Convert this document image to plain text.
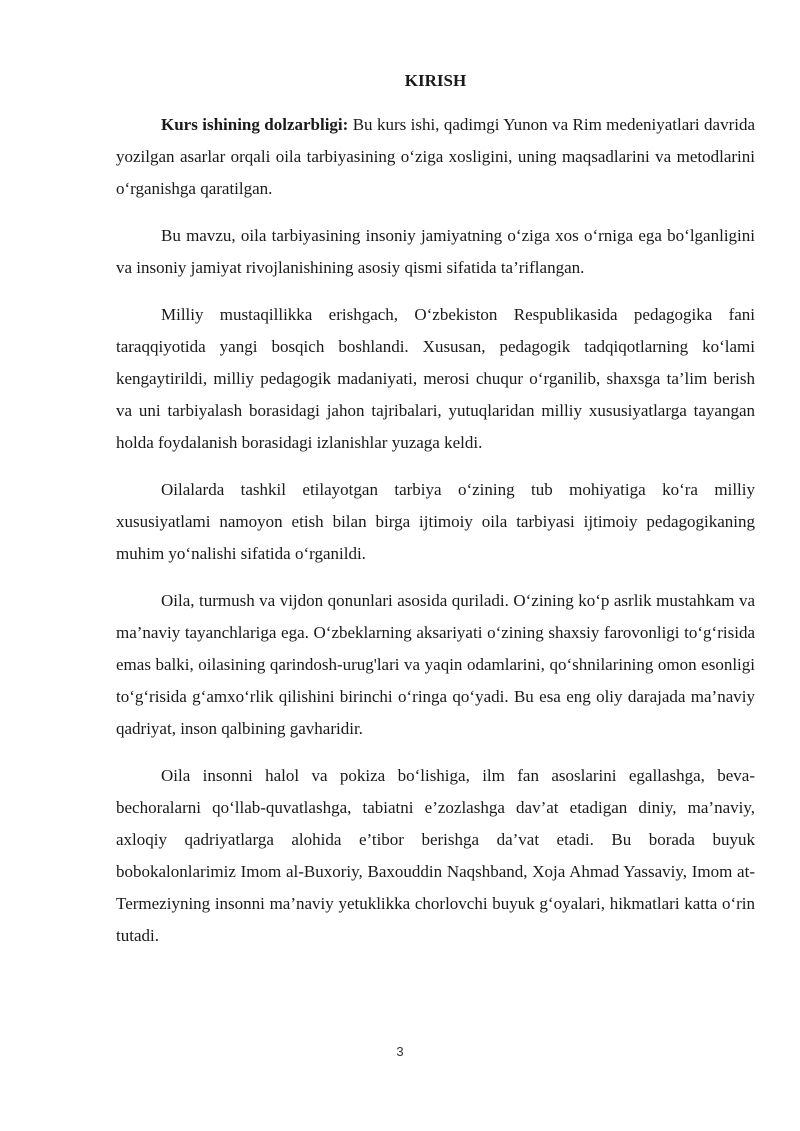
KIRISH

Kurs ishining dolzarbligi: Bu kurs ishi, qadimgi Yunon va Rim medeniyatlari davrida yozilgan asarlar orqali oila tarbiyasining o‘ziga xosligini, uning maqsadlarini va metodlarini o‘rganishga qaratilgan.

Bu mavzu, oila tarbiyasining insoniy jamiyatning o‘ziga xos o‘rniga ega bo‘lganligini va insoniy jamiyat rivojlanishining asosiy qismi sifatida ta’riflangan.

Milliy mustaqillikka erishgach, O‘zbekiston Respublikasida pedagogika fani taraqqiyotida yangi bosqich boshlandi. Xususan, pedagogik tadqiqotlarning ko‘lami kengaytirildi, milliy pedagogik madaniyati, merosi chuqur o‘rganilib, shaxsga ta’lim berish va uni tarbiyalash borasidagi jahon tajribalari, yutuqlaridan milliy xususiyatlarga tayangan holda foydalanish borasidagi izlanishlar yuzaga keldi.

Oilalarda tashkil etilayotgan tarbiya o‘zining tub mohiyatiga ko‘ra milliy xususiyatlami namoyon etish bilan birga ijtimoiy oila tarbiyasi ijtimoiy pedagogikaning muhim yo‘nalishi sifatida o‘rganildi.

Oila, turmush va vijdon qonunlari asosida quriladi. O‘zining ko‘p asrlik mustahkam va ma’naviy tayanchlariga ega. O‘zbeklarning aksariyati o‘zining shaxsiy farovonligi to‘g‘risida emas balki, oilasining qarindosh-urug'lari va yaqin odamlarini, qo‘shnilarining omon esonligi to‘g‘risida g‘amxo‘rlik qilishini birinchi o‘ringa qo‘yadi. Bu esa eng oliy darajada ma’naviy qadriyat, inson qalbining gavharidir.

Oila insonni halol va pokiza bo‘lishiga, ilm fan asoslarini egallashga, beva-bechoralarni qo‘llab-quvatlashga, tabiatni e’zozlashga dav’at etadigan diniy, ma’naviy, axloqiy qadriyatlarga alohida e’tibor berishga da’vat etadi. Bu borada buyuk bobokalonlarimiz Imom al-Buxoriy, Baxouddin Naqshband, Xoja Ahmad Yassaviy, Imom at-Termeziyning insonni ma’naviy yetuklikka chorlovchi buyuk g‘oyalari, hikmatlari katta o‘rin tutadi.

3
